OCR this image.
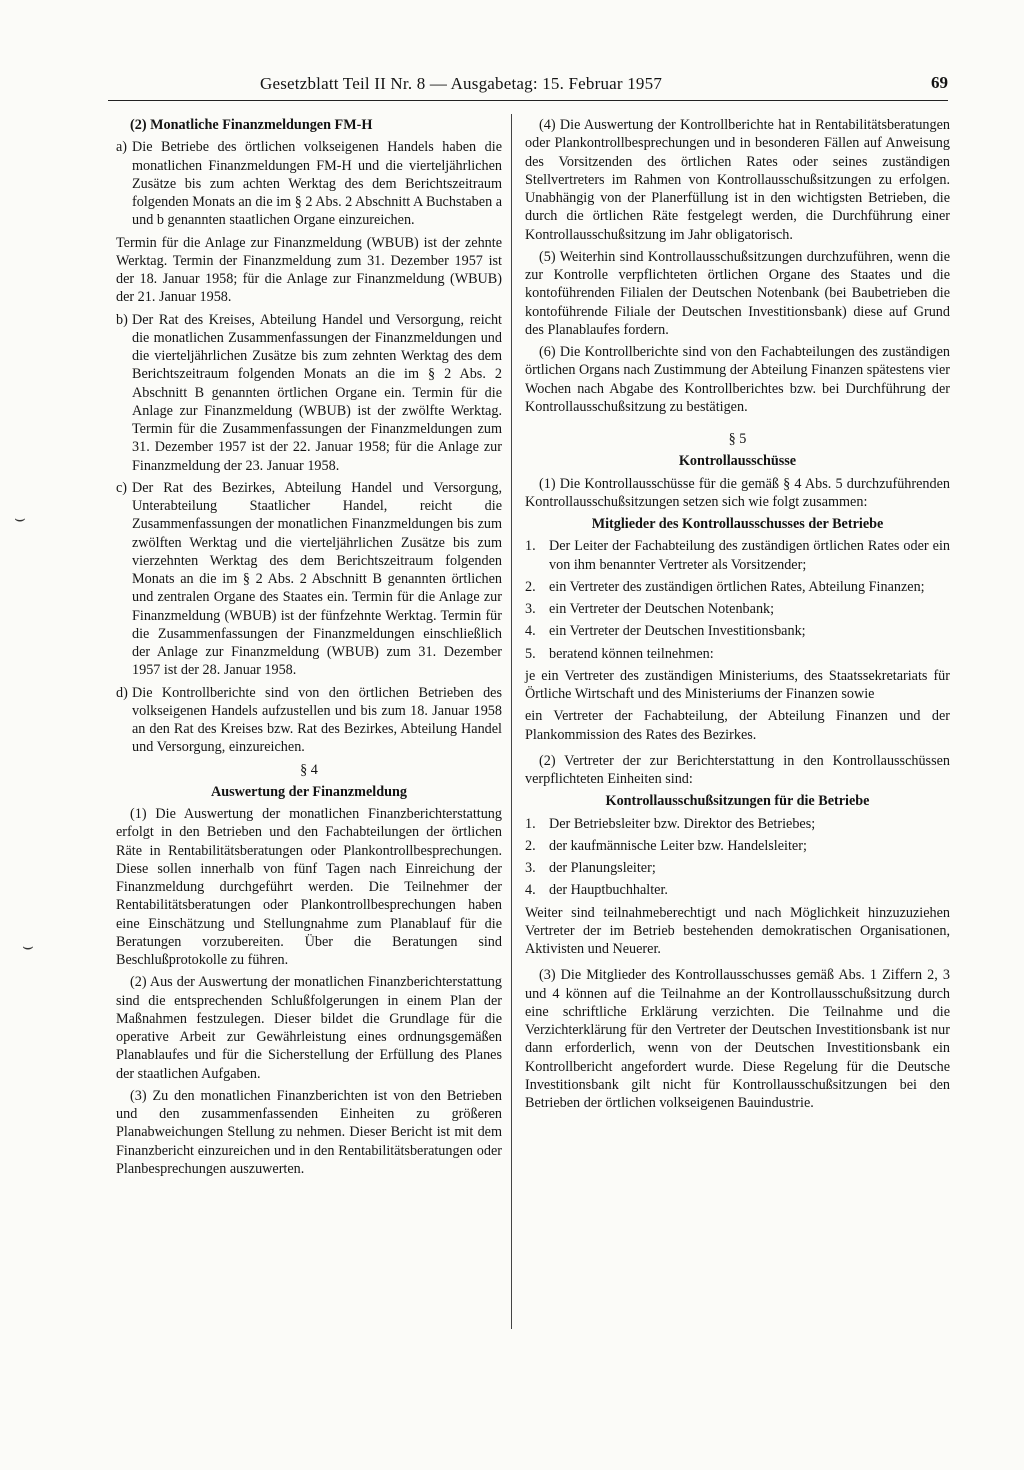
Gesetzblatt Teil II Nr. 8 — Ausgabetag: 15. Februar 1957	69
⌣
⌣

(2) Monatliche Finanzmeldungen FM-H

a) Die Betriebe des örtlichen volkseigenen Handels haben die monatlichen Finanzmeldungen FM-H und die vierteljährlichen Zusätze bis zum achten Werktag des dem Berichtszeitraum folgenden Monats an die im § 2 Abs. 2 Abschnitt A Buchstaben a und b genannten staatlichen Organe einzureichen.

Termin für die Anlage zur Finanzmeldung (WBUB) ist der zehnte Werktag. Termin der Finanzmeldung zum 31. Dezember 1957 ist der 18. Januar 1958; für die Anlage zur Finanzmeldung (WBUB) der 21. Januar 1958.

b) Der Rat des Kreises, Abteilung Handel und Versorgung, reicht die monatlichen Zusammenfassungen der Finanzmeldungen und die vierteljährlichen Zusätze bis zum zehnten Werktag des dem Berichtszeitraum folgenden Monats an die im § 2 Abs. 2 Abschnitt B genannten örtlichen Organe ein. Termin für die Anlage zur Finanzmeldung (WBUB) ist der zwölfte Werktag. Termin für die Zusammenfassungen der Finanzmeldungen zum 31. Dezember 1957 ist der 22. Januar 1958; für die Anlage zur Finanzmeldung der 23. Januar 1958.
c) Der Rat des Bezirkes, Abteilung Handel und Versorgung, Unterabteilung Staatlicher Handel, reicht die Zusammenfassungen der monatlichen Finanzmeldungen bis zum zwölften Werktag und die vierteljährlichen Zusätze bis zum vierzehnten Werktag des dem Berichtszeitraum folgenden Monats an die im § 2 Abs. 2 Abschnitt B genannten örtlichen und zentralen Organe des Staates ein. Termin für die Anlage zur Finanzmeldung (WBUB) ist der fünfzehnte Werktag. Termin für die Zusammenfassungen der Finanzmeldungen einschließlich der Anlage zur Finanzmeldung (WBUB) zum 31. Dezember 1957 ist der 28. Januar 1958.
d) Die Kontrollberichte sind von den örtlichen Betrieben des volkseigenen Handels aufzustellen und bis zum 18. Januar 1958 an den Rat des Kreises bzw. Rat des Bezirkes, Abteilung Handel und Versorgung, einzureichen.

§ 4

Auswertung der Finanzmeldung

(1) Die Auswertung der monatlichen Finanzberichterstattung erfolgt in den Betrieben und den Fachabteilungen der örtlichen Räte in Rentabilitätsberatungen oder Plankontrollbesprechungen. Diese sollen innerhalb von fünf Tagen nach Einreichung der Finanzmeldung durchgeführt werden. Die Teilnehmer der Rentabilitätsberatungen oder Plankontrollbesprechungen haben eine Einschätzung und Stellungnahme zum Planablauf für die Beratungen vorzubereiten. Über die Beratungen sind Beschlußprotokolle zu führen.

(2) Aus der Auswertung der monatlichen Finanzberichterstattung sind die entsprechenden Schlußfolgerungen in einem Plan der Maßnahmen festzulegen. Dieser bildet die Grundlage für die operative Arbeit zur Gewährleistung eines ordnungsgemäßen Planablaufes und für die Sicherstellung der Erfüllung des Planes der staatlichen Aufgaben.

(3) Zu den monatlichen Finanzberichten ist von den Betrieben und den zusammenfassenden Einheiten zu größeren Planabweichungen Stellung zu nehmen. Dieser Bericht ist mit dem Finanzbericht einzureichen und in den Rentabilitätsberatungen oder Planbesprechungen auszuwerten.

(4) Die Auswertung der Kontrollberichte hat in Rentabilitätsberatungen oder Plankontrollbesprechungen und in besonderen Fällen auf Anweisung des Vorsitzenden des örtlichen Rates oder seines zuständigen Stellvertreters im Rahmen von Kontrollausschußsitzungen zu erfolgen. Unabhängig von der Planerfüllung ist in den wichtigsten Betrieben, die durch die örtlichen Räte festgelegt werden, die Durchführung einer Kontrollausschußsitzung im Jahr obligatorisch.

(5) Weiterhin sind Kontrollausschußsitzungen durchzuführen, wenn die zur Kontrolle verpflichteten örtlichen Organe des Staates und die kontoführenden Filialen der Deutschen Notenbank (bei Baubetrieben die kontoführende Filiale der Deutschen Investitionsbank) diese auf Grund des Planablaufes fordern.

(6) Die Kontrollberichte sind von den Fachabteilungen des zuständigen örtlichen Organs nach Zustimmung der Abteilung Finanzen spätestens vier Wochen nach Abgabe des Kontrollberichtes bzw. bei Durchführung der Kontrollausschußsitzung zu bestätigen.

§ 5

Kontrollausschüsse

(1) Die Kontrollausschüsse für die gemäß § 4 Abs. 5 durchzuführenden Kontrollausschußsitzungen setzen sich wie folgt zusammen:

Mitglieder des Kontrollausschusses der Betriebe

1. Der Leiter der Fachabteilung des zuständigen örtlichen Rates oder ein von ihm benannter Vertreter als Vorsitzender;
2. ein Vertreter des zuständigen örtlichen Rates, Abteilung Finanzen;
3. ein Vertreter der Deutschen Notenbank;
4. ein Vertreter der Deutschen Investitionsbank;
5. beratend können teilnehmen:

je ein Vertreter des zuständigen Ministeriums, des Staatssekretariats für Örtliche Wirtschaft und des Ministeriums der Finanzen sowie

ein Vertreter der Fachabteilung, der Abteilung Finanzen und der Plankommission des Rates des Bezirkes.

(2) Vertreter der zur Berichterstattung in den Kontrollausschüssen verpflichteten Einheiten sind:

Kontrollausschußsitzungen für die Betriebe

1. Der Betriebsleiter bzw. Direktor des Betriebes;
2. der kaufmännische Leiter bzw. Handelsleiter;
3. der Planungsleiter;
4. der Hauptbuchhalter.

Weiter sind teilnahmeberechtigt und nach Möglichkeit hinzuzuziehen Vertreter der im Betrieb bestehenden demokratischen Organisationen, Aktivisten und Neuerer.

(3) Die Mitglieder des Kontrollausschusses gemäß Abs. 1 Ziffern 2, 3 und 4 können auf die Teilnahme an der Kontrollausschußsitzung durch eine schriftliche Erklärung verzichten. Die Teilnahme und die Verzichterklärung für den Vertreter der Deutschen Investitionsbank ist nur dann erforderlich, wenn von der Deutschen Investitionsbank ein Kontrollbericht angefordert wurde. Diese Regelung für die Deutsche Investitionsbank gilt nicht für Kontrollausschußsitzungen bei den Betrieben der örtlichen volkseigenen Bauindustrie.
